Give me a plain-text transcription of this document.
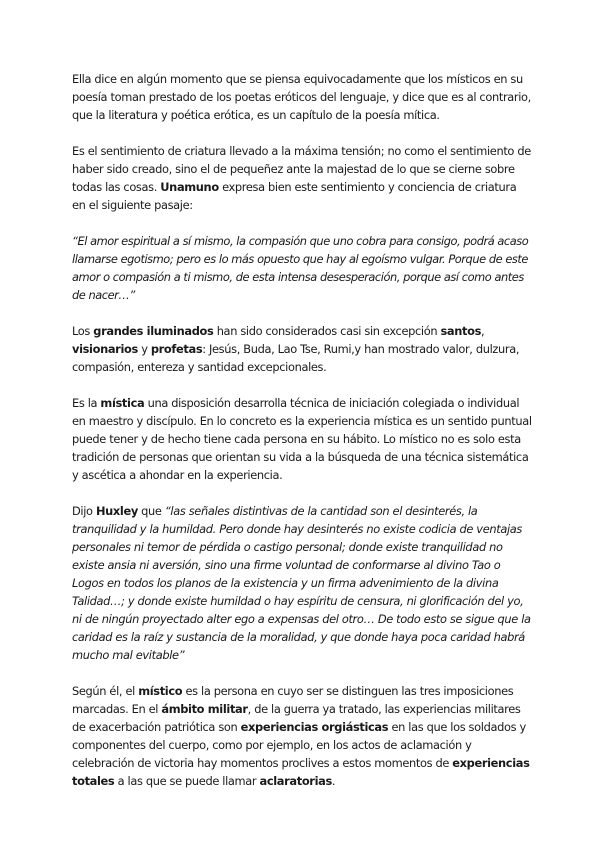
Ella dice en algún momento que se piensa equivocadamente que los místicos en su poesía toman prestado de los poetas eróticos del lenguaje, y dice que es al contrario, que la literatura y poética erótica, es un capítulo de la poesía mítica.

Es el sentimiento de criatura llevado a la máxima tensión; no como el sentimiento de haber sido creado, sino el de pequeñez ante la majestad de lo que se cierne sobre todas las cosas. Unamuno expresa bien este sentimiento y conciencia de criatura en el siguiente pasaje:

“El amor espiritual a sí mismo, la compasión que uno cobra para consigo, podrá acaso llamarse egotismo; pero es lo más opuesto que hay al egoísmo vulgar. Porque de este amor o compasión a ti mismo, de esta intensa desesperación, porque así como antes de nacer…”

Los grandes iluminados han sido considerados casi sin excepción santos, visionarios y profetas: Jesús, Buda, Lao Tse, Rumi,y han mostrado valor, dulzura, compasión, entereza y santidad excepcionales.

Es la mística una disposición desarrolla técnica de iniciación colegiada o individual en maestro y discípulo. En lo concreto es la experiencia mística es un sentido puntual puede tener y de hecho tiene cada persona en su hábito. Lo místico no es solo esta tradición de personas que orientan su vida a la búsqueda de una técnica sistemática y ascética a ahondar en la experiencia.

Dijo Huxley que “las señales distintivas de la cantidad son el desinterés, la tranquilidad y la humildad. Pero donde hay desinterés no existe codicia de ventajas personales ni temor de pérdida o castigo personal; donde existe tranquilidad no existe ansia ni aversión, sino una firme voluntad de conformarse al divino Tao o Logos en todos los planos de la existencia y un firma advenimiento de la divina Talidad…; y donde existe humildad o hay espíritu de censura, ni glorificación del yo, ni de ningún proyectado alter ego a expensas del otro… De todo esto se sigue que la caridad es la raíz y sustancia de la moralidad, y que donde haya poca caridad habrá mucho mal evitable”

Según él, el místico es la persona en cuyo ser se distinguen las tres imposiciones marcadas. En el ámbito militar, de la guerra ya tratado, las experiencias militares de exacerbación patriótica son experiencias orgiásticas en las que los soldados y componentes del cuerpo, como por ejemplo, en los actos de aclamación y celebración de victoria hay momentos proclives a estos momentos de experiencias totales a las que se puede llamar aclaratorias.
